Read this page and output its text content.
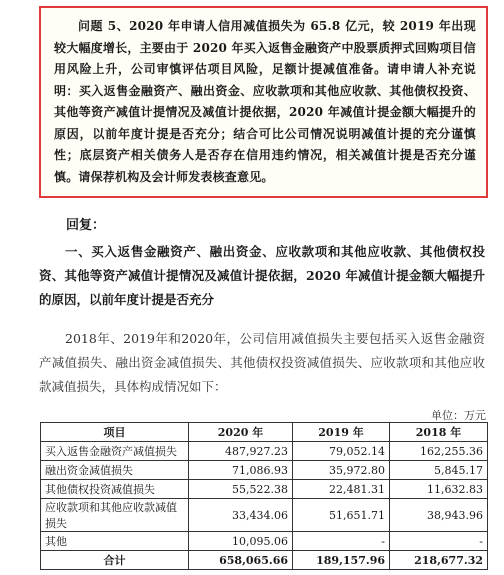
问题 5、2020 年申请人信用减值损失为 65.8 亿元，较 2019 年出现较大幅度增长，主要由于 2020 年买入返售金融资产中股票质押式回购项目信用风险上升，公司审慎评估项目风险，足额计提减值准备。请申请人补充说明：买入返售金融资产、融出资金、应收款项和其他应收款、其他债权投资、其他等资产减值计提情况及减值计提依据，2020 年减值计提金额大幅提升的原因，以前年度计提是否充分；结合可比公司情况说明减值计提的充分谨慎性；底层资产相关债务人是否存在信用违约情况，相关减值计提是否充分谨慎。请保荐机构及会计师发表核查意见。

回复：

一、买入返售金融资产、融出资金、应收款项和其他应收款、其他债权投资、其他等资产减值计提情况及减值计提依据，2020 年减值计提金额大幅提升的原因，以前年度计提是否充分

2018年、2019年和2020年，公司信用减值损失主要包括买入返售金融资产减值损失、融出资金减值损失、其他债权投资减值损失、应收款项和其他应收款减值损失，具体构成情况如下：

单位：万元
项目	2020 年	2019 年	2018 年
买入返售金融资产减值损失	487,927.23	79,052.14	162,255.36
融出资金减值损失	71,086.93	35,972.80	5,845.17
其他债权投资减值损失	55,522.38	22,481.31	11,632.83
应收款项和其他应收款减值损失	33,434.06	51,651.71	38,943.96
其他	10,095.06	-	-
合计	658,065.66	189,157.96	218,677.32
